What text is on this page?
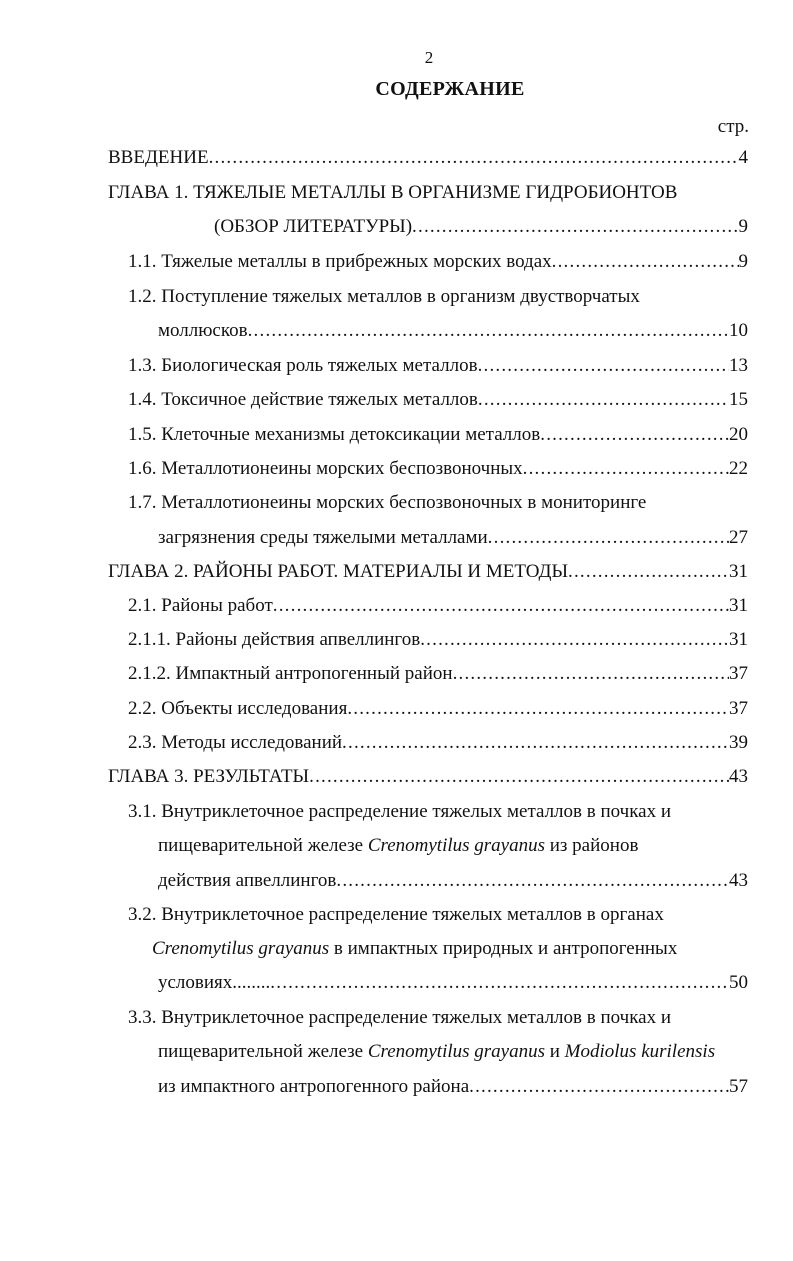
2
СОДЕРЖАНИЕ
стр.
ВВЕДЕНИЕ .....	4
ГЛАВА 1. ТЯЖЕЛЫЕ МЕТАЛЛЫ В ОРГАНИЗМЕ ГИДРОБИОНТОВ
(ОБЗОР ЛИТЕРАТУРЫ) .....	9
1.1. Тяжелые металлы в прибрежных морских водах .....	9
1.2. Поступление тяжелых металлов в организм двустворчатых
моллюсков .....	10
1.3. Биологическая роль тяжелых металлов .....	13
1.4. Токсичное действие тяжелых металлов .....	15
1.5. Клеточные механизмы детоксикации металлов .....	20
1.6. Металлотионеины морских беспозвоночных .....	22
1.7. Металлотионеины морских беспозвоночных в мониторинге
загрязнения среды тяжелыми металлами .....	27
ГЛАВА 2. РАЙОНЫ РАБОТ. МАТЕРИАЛЫ И МЕТОДЫ .....	31
2.1. Районы работ .....	31
2.1.1. Районы действия апвеллингов .....	31
2.1.2. Импактный антропогенный район .....	37
2.2. Объекты исследования .....	37
2.3. Методы исследований .....	39
ГЛАВА 3. РЕЗУЛЬТАТЫ .....	43
3.1. Внутриклеточное распределение тяжелых металлов в почках и
пищеварительной железе Crenomytilus grayanus из районов
действия апвеллингов .....	43
3.2. Внутриклеточное распределение тяжелых металлов в органах
Crenomytilus grayanus в импактных природных и антропогенных
условиях........ .....	50
3.3. Внутриклеточное распределение тяжелых металлов в почках и
пищеварительной железе Crenomytilus grayanus и Modiolus kurilensis
из импактного антропогенного района .....	57
